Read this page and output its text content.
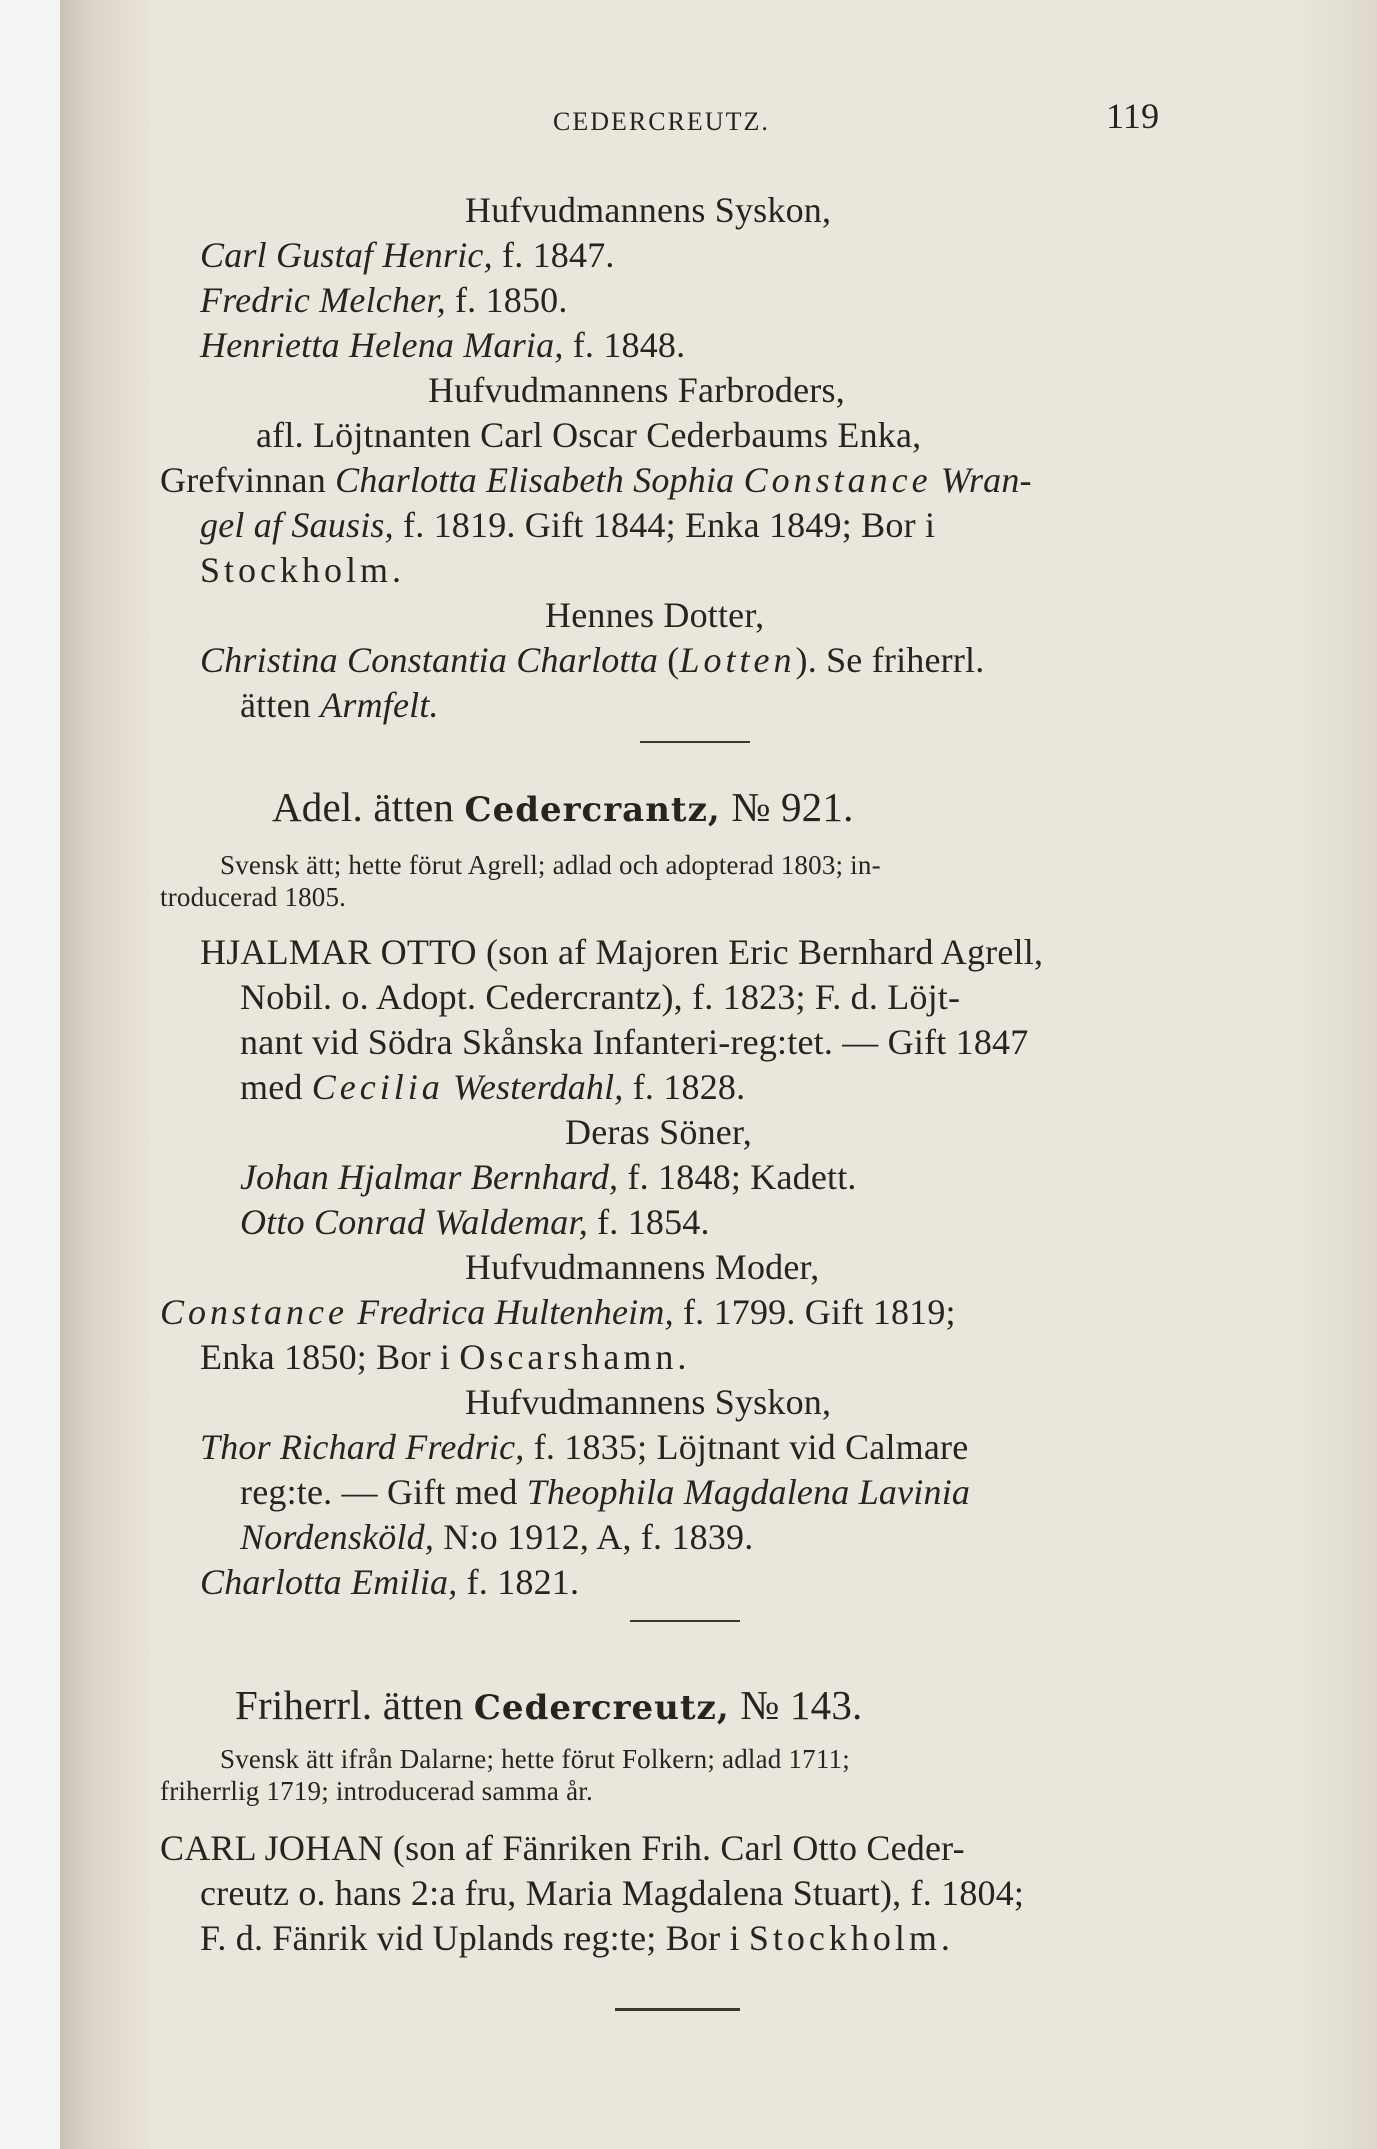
CEDERCREUTZ.	119
Hufvudmannens Syskon,
Carl Gustaf Henric, f. 1847.
Fredric Melcher, f. 1850.
Henrietta Helena Maria, f. 1848.
Hufvudmannens Farbroders,
afl. Löjtnanten Carl Oscar Cederbaums Enka,
Grefvinnan Charlotta Elisabeth Sophia Constance Wran-
gel af Sausis, f. 1819. Gift 1844; Enka 1849; Bor i
Stockholm.
Hennes Dotter,
Christina Constantia Charlotta (Lotten). Se friherrl.
ätten Armfelt.
Adel. ätten Cedercrantz, № 921.
Svensk ätt; hette förut Agrell; adlad och adopterad 1803; in-
troducerad 1805.
HJALMAR OTTO (son af Majoren Eric Bernhard Agrell,
Nobil. o. Adopt. Cedercrantz), f. 1823; F. d. Löjt-
nant vid Södra Skånska Infanteri-reg:tet. — Gift 1847
med Cecilia Westerdahl, f. 1828.
Deras Söner,
Johan Hjalmar Bernhard, f. 1848; Kadett.
Otto Conrad Waldemar, f. 1854.
Hufvudmannens Moder,
Constance Fredrica Hultenheim, f. 1799. Gift 1819;
Enka 1850; Bor i Oscarshamn.
Hufvudmannens Syskon,
Thor Richard Fredric, f. 1835; Löjtnant vid Calmare
reg:te. — Gift med Theophila Magdalena Lavinia
Nordensköld, N:o 1912, A, f. 1839.
Charlotta Emilia, f. 1821.
Friherrl. ätten Cedercreutz, № 143.
Svensk ätt ifrån Dalarne; hette förut Folkern; adlad 1711;
friherrlig 1719; introducerad samma år.
CARL JOHAN (son af Fänriken Frih. Carl Otto Ceder-
creutz o. hans 2:a fru, Maria Magdalena Stuart), f. 1804;
F. d. Fänrik vid Uplands reg:te; Bor i Stockholm.
